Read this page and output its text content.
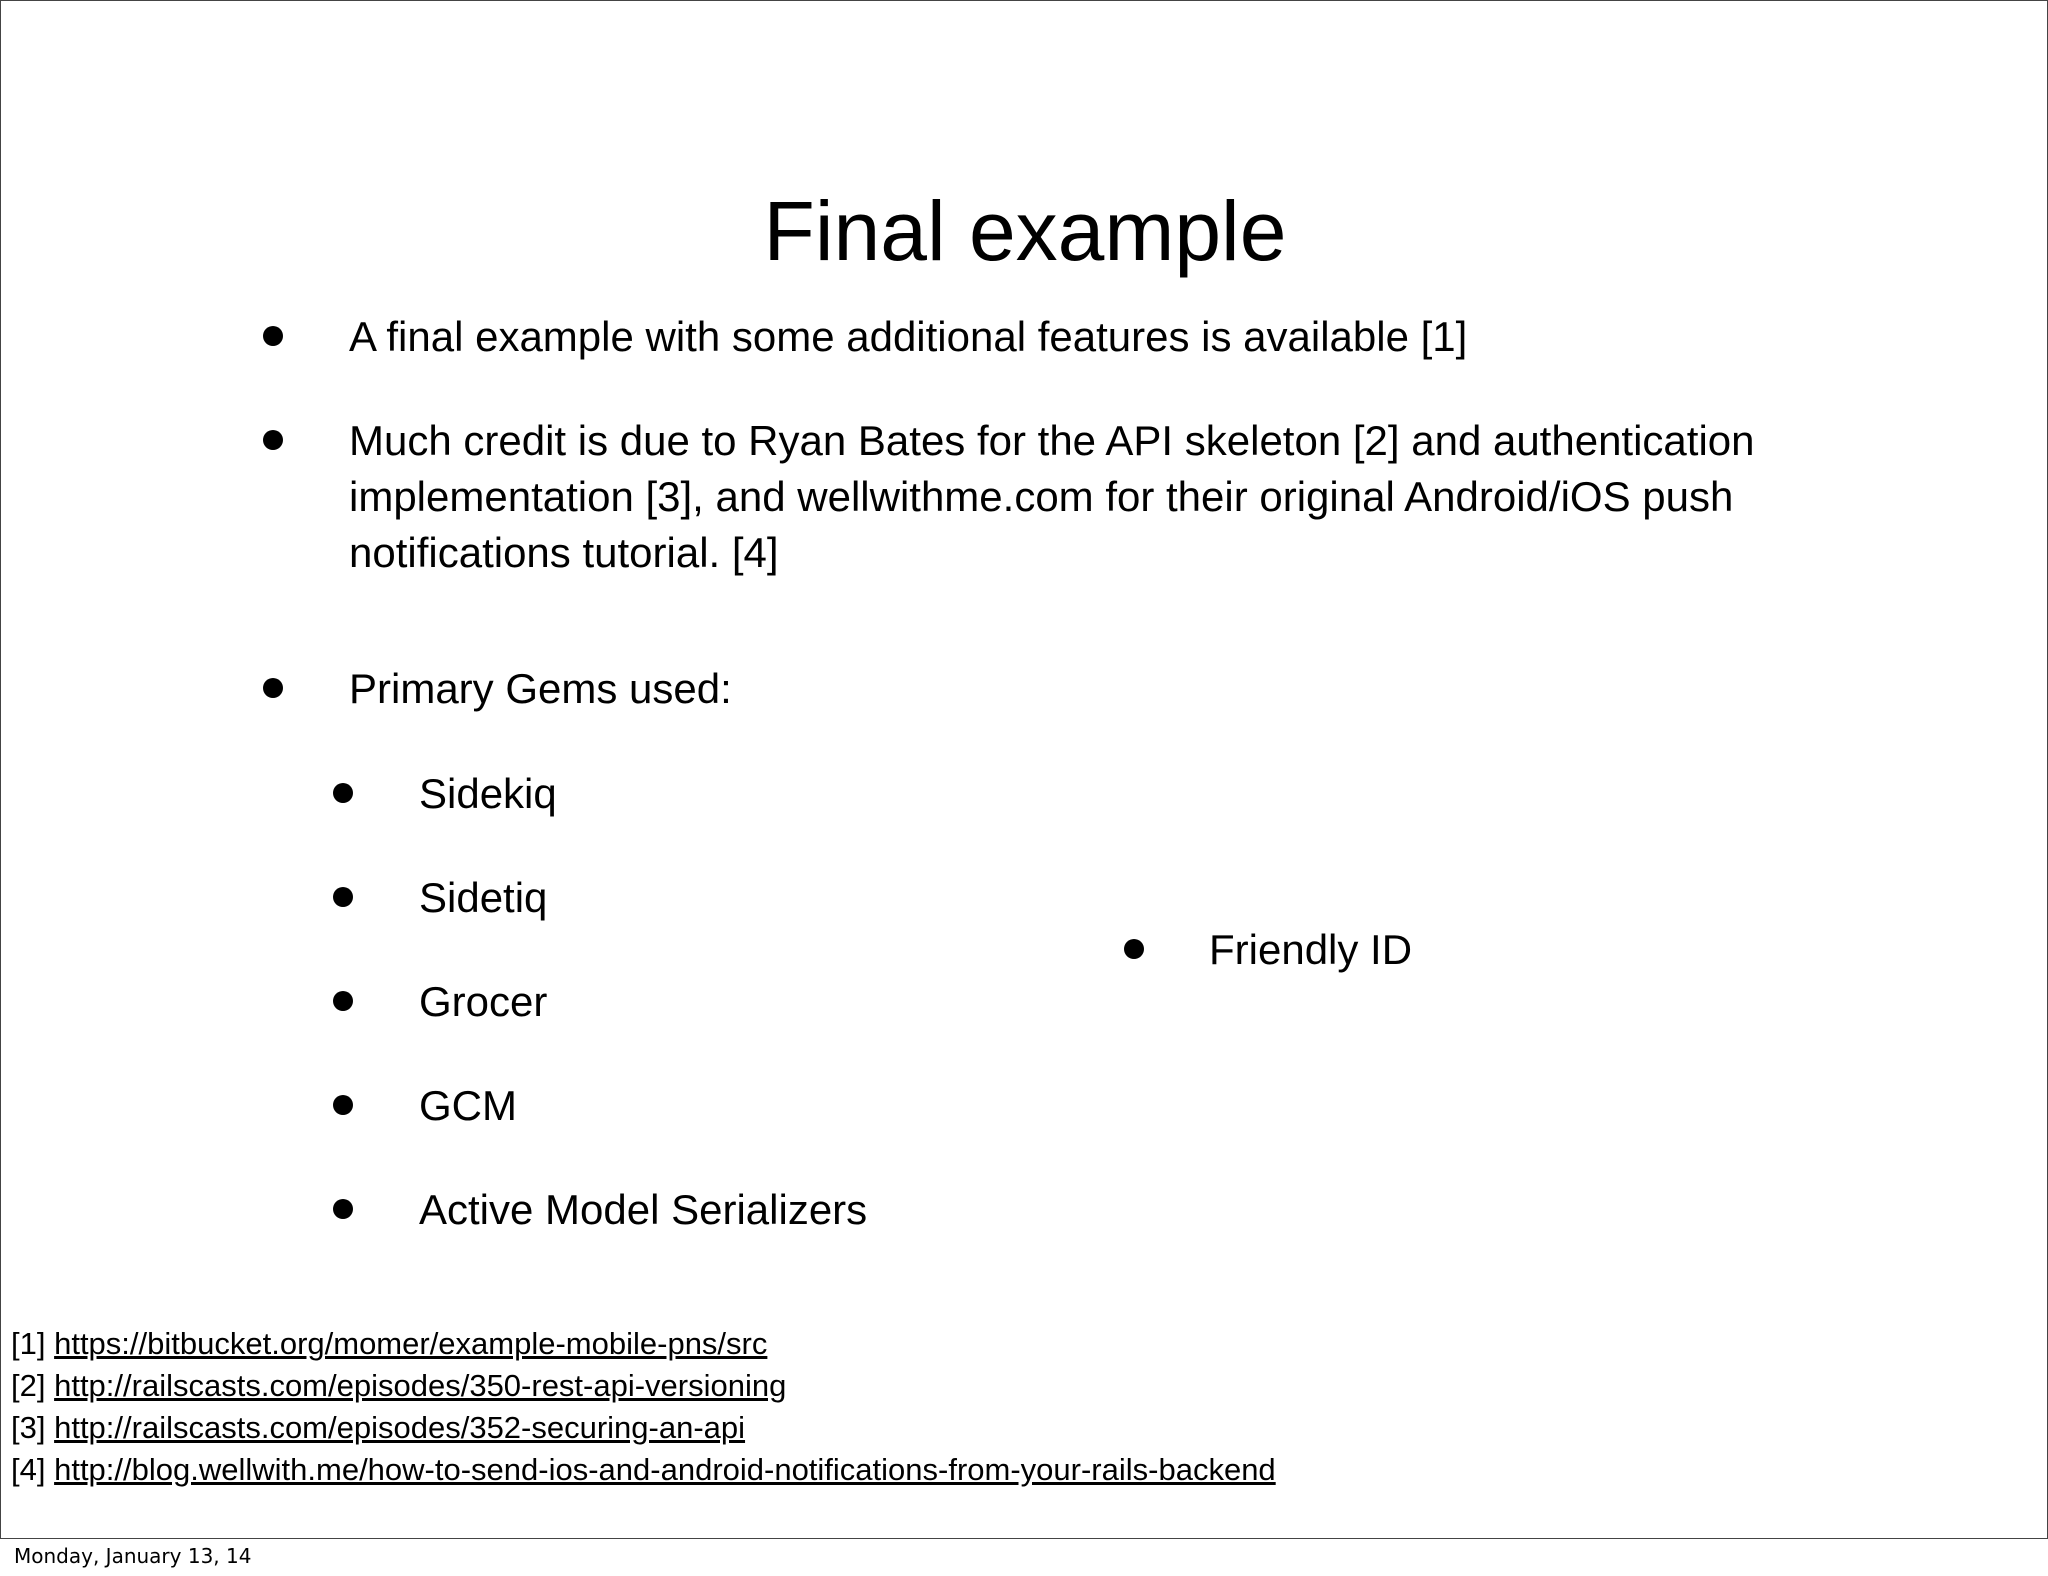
Final example
A final example with some additional features is available [1]
Much credit is due to Ryan Bates for the API skeleton [2] and authentication
implementation [3], and wellwithme.com for their original Android/iOS push
notifications tutorial. [4]
Primary Gems used:
Sidekiq
Sidetiq
Grocer
GCM
Active Model Serializers
Friendly ID
[1] https://bitbucket.org/momer/example-mobile-pns/src
[2] http://railscasts.com/episodes/350-rest-api-versioning
[3] http://railscasts.com/episodes/352-securing-an-api
[4] http://blog.wellwith.me/how-to-send-ios-and-android-notifications-from-your-rails-backend
Monday, January 13, 14
